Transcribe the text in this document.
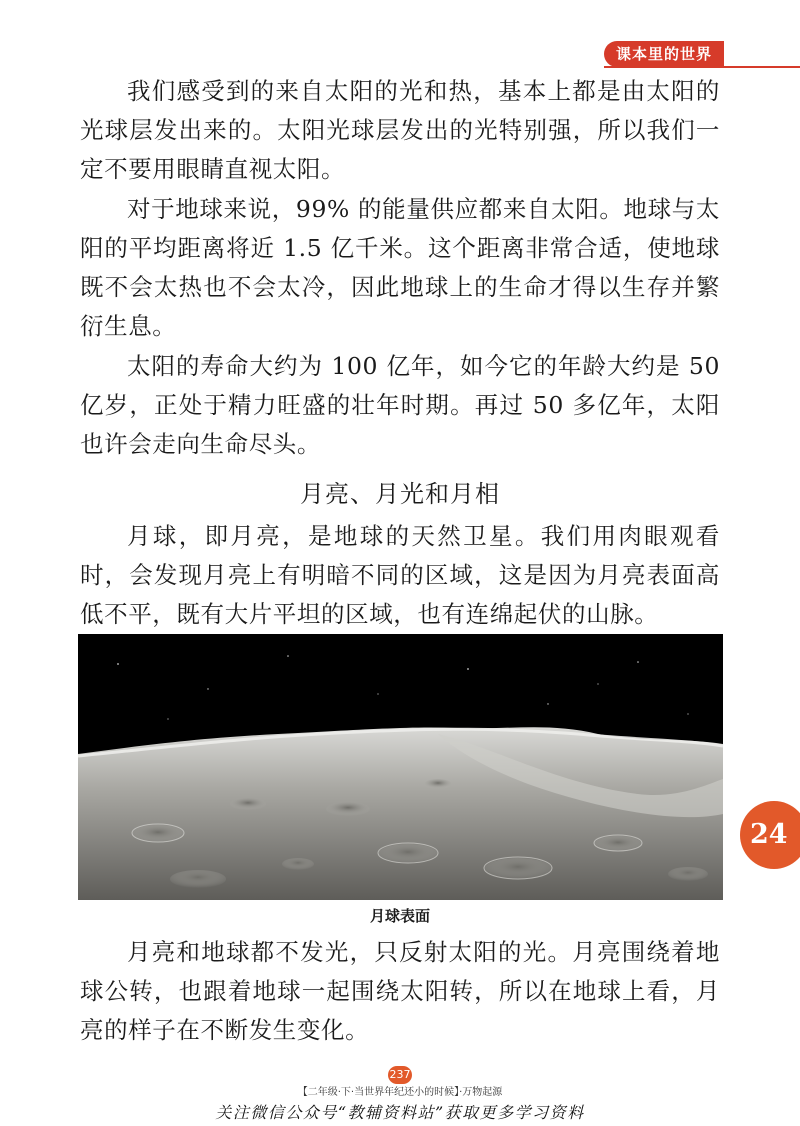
课本里的世界

我们感受到的来自太阳的光和热，基本上都是由太阳的光球层发出来的。太阳光球层发出的光特别强，所以我们一定不要用眼睛直视太阳。

对于地球来说，99% 的能量供应都来自太阳。地球与太阳的平均距离将近 1.5 亿千米。这个距离非常合适，使地球既不会太热也不会太冷，因此地球上的生命才得以生存并繁衍生息。

太阳的寿命大约为 100 亿年，如今它的年龄大约是 50 亿岁，正处于精力旺盛的壮年时期。再过 50 多亿年，太阳也许会走向生命尽头。

月亮、月光和月相

月球，即月亮，是地球的天然卫星。我们用肉眼观看时，会发现月亮上有明暗不同的区域，这是因为月亮表面高低不平，既有大片平坦的区域，也有连绵起伏的山脉。

月球表面
24

月亮和地球都不发光，只反射太阳的光。月亮围绕着地球公转，也跟着地球一起围绕太阳转，所以在地球上看，月亮的样子在不断发生变化。

237
【二年级·下·当世界年纪还小的时候】·万物起源
关注微信公众号“教辅资料站”获取更多学习资料
